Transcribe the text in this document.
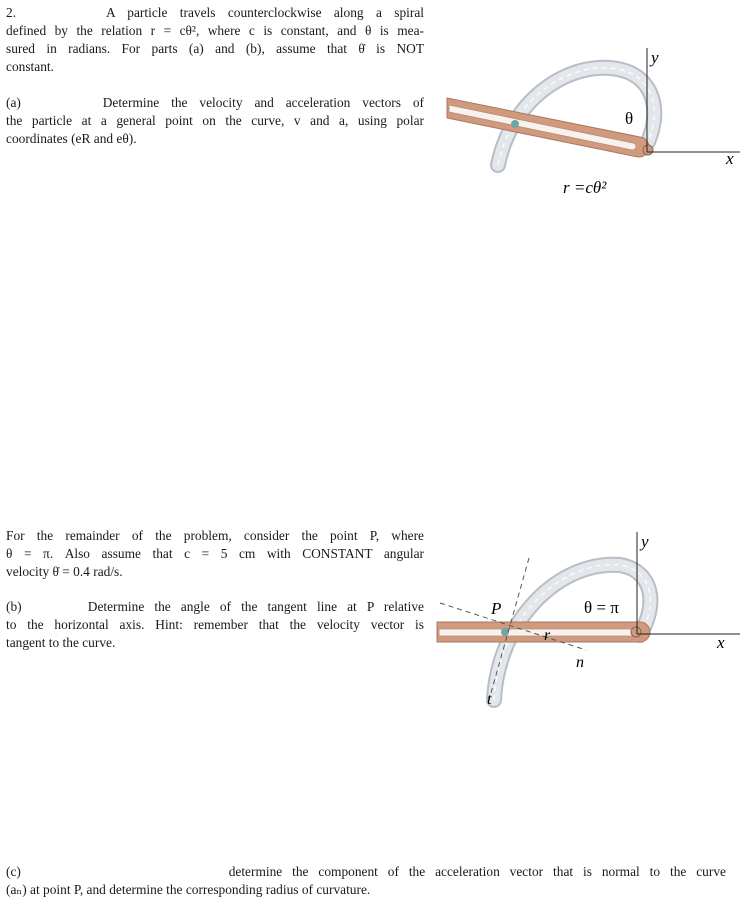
2.	A particle travels counterclockwise along a spiral

defined by the relation r = cθ², where c is constant, and θ is mea-

sured in radians. For parts (a) and (b), assume that θ̇ is NOT

constant.

(a)	Determine the velocity and acceleration vectors of

the particle at a general point on the curve, v and a, using polar

coordinates (eR and eθ).

For the remainder of the problem, consider the point P, where

θ = π. Also assume that c = 5 cm with CONSTANT angular

velocity θ̇ = 0.4 rad/s.

(b)	Determine the angle of the tangent line at P relative

to the horizontal axis. Hint: remember that the velocity vector is

tangent to the curve.

(c)	determine the component of the acceleration vector that is normal to the curve

(aₙ) at point P, and determine the corresponding radius of curvature.

y
x
θ
r =cθ²
y
x
θ = π
P
r
n
t
